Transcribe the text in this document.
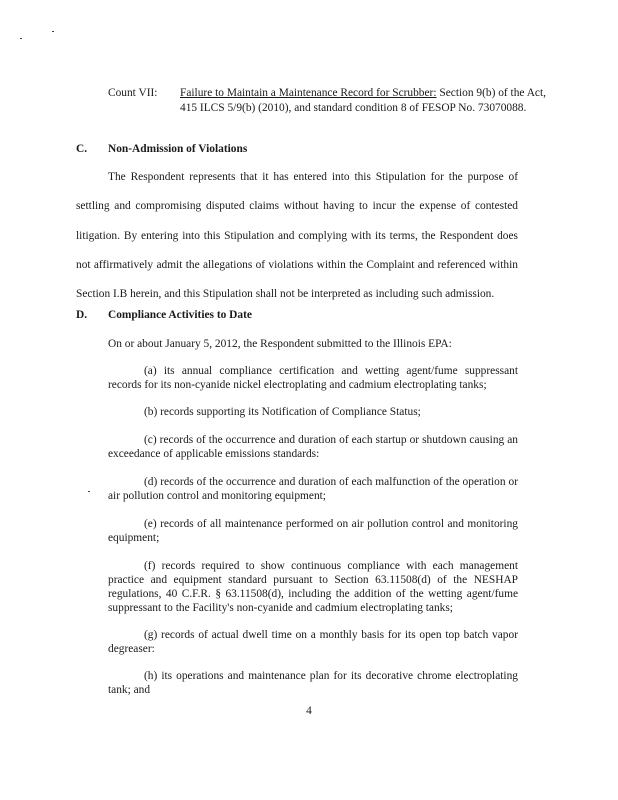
Count VII: Failure to Maintain a Maintenance Record for Scrubber: Section 9(b) of the Act, 415 ILCS 5/9(b) (2010), and standard condition 8 of FESOP No. 73070088.
C. Non-Admission of Violations
The Respondent represents that it has entered into this Stipulation for the purpose of settling and compromising disputed claims without having to incur the expense of contested litigation. By entering into this Stipulation and complying with its terms, the Respondent does not affirmatively admit the allegations of violations within the Complaint and referenced within Section I.B herein, and this Stipulation shall not be interpreted as including such admission.
D. Compliance Activities to Date
On or about January 5, 2012, the Respondent submitted to the Illinois EPA:
(a) its annual compliance certification and wetting agent/fume suppressant records for its non-cyanide nickel electroplating and cadmium electroplating tanks;
(b) records supporting its Notification of Compliance Status;
(c) records of the occurrence and duration of each startup or shutdown causing an exceedance of applicable emissions standards:
(d) records of the occurrence and duration of each malfunction of the operation or air pollution control and monitoring equipment;
(e) records of all maintenance performed on air pollution control and monitoring equipment;
(f) records required to show continuous compliance with each management practice and equipment standard pursuant to Section 63.11508(d) of the NESHAP regulations, 40 C.F.R. § 63.11508(d), including the addition of the wetting agent/fume suppressant to the Facility's non-cyanide and cadmium electroplating tanks;
(g) records of actual dwell time on a monthly basis for its open top batch vapor degreaser:
(h) its operations and maintenance plan for its decorative chrome electroplating tank; and
4
